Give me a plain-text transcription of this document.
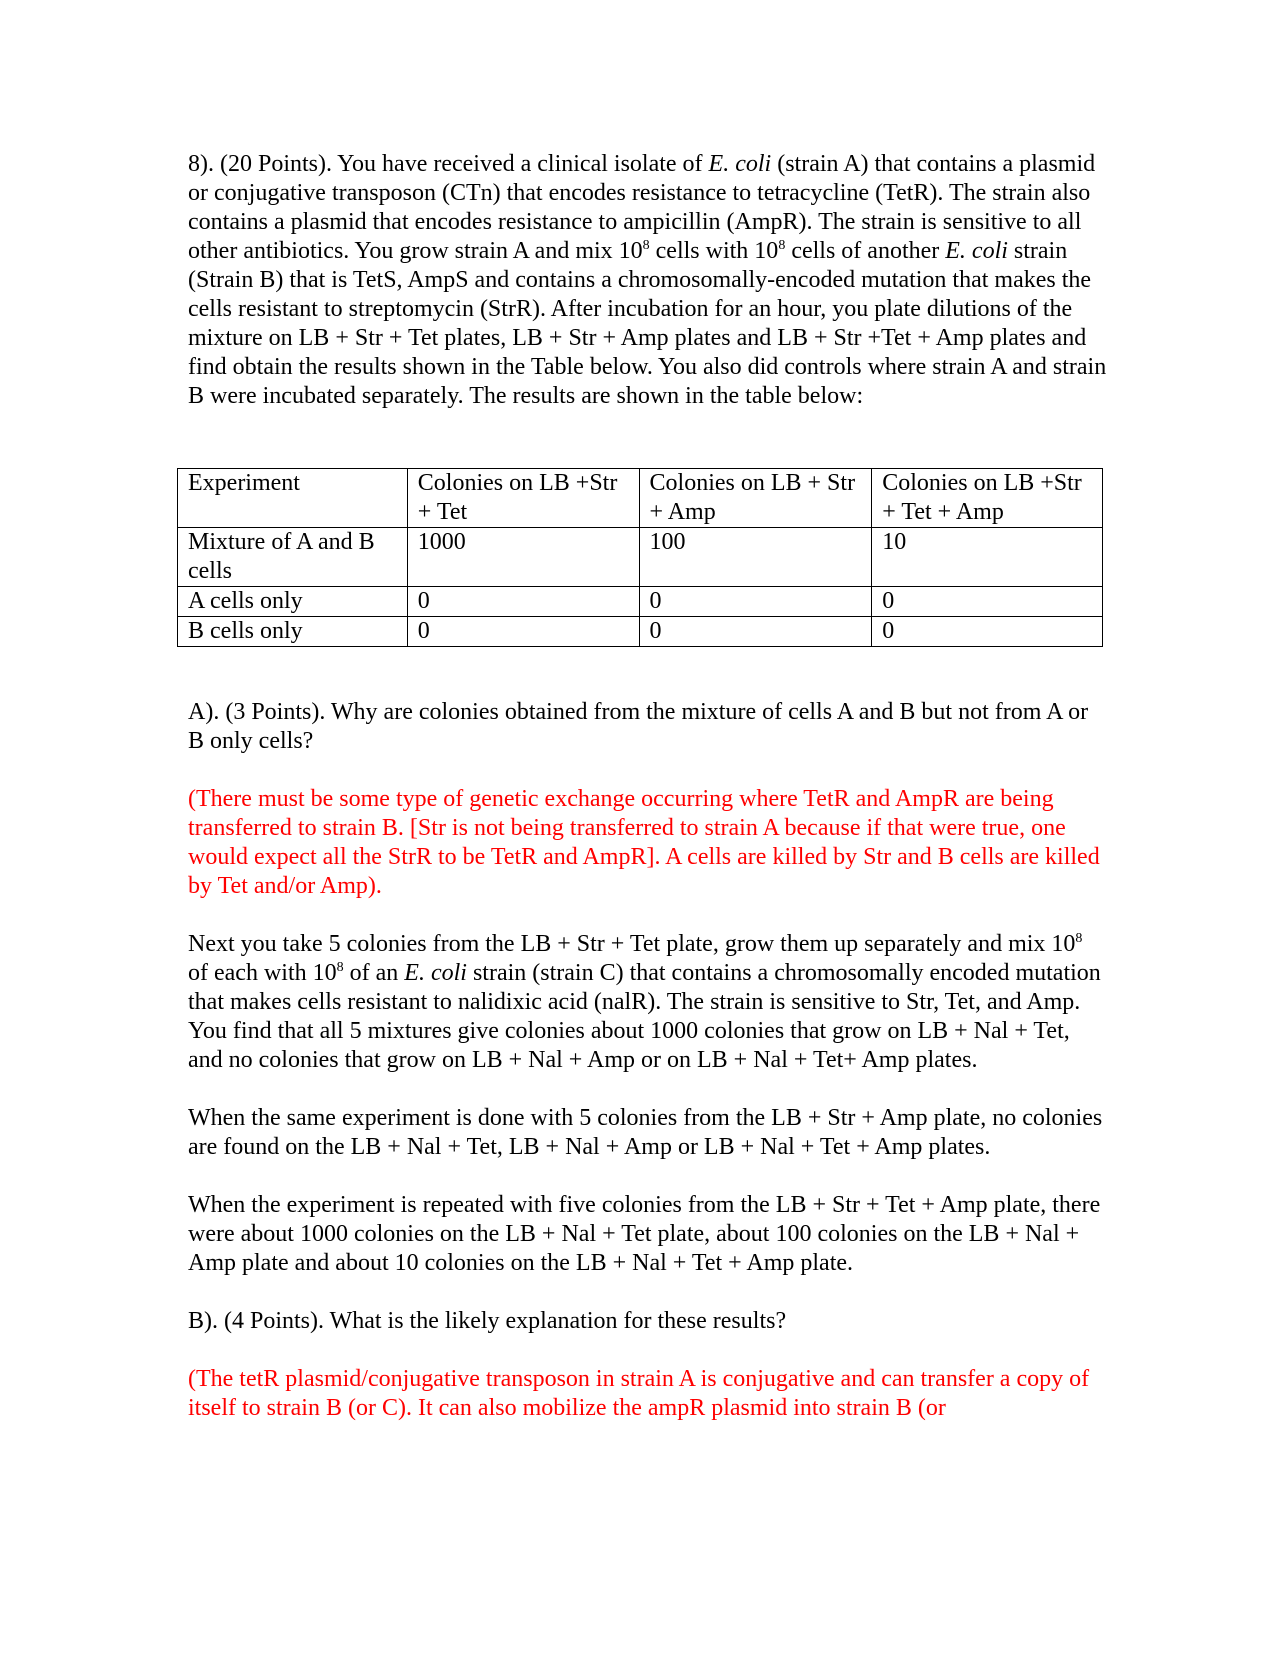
8). (20 Points). You have received a clinical isolate of E. coli (strain A) that contains a plasmid or conjugative transposon (CTn) that encodes resistance to tetracycline (TetR). The strain also contains a plasmid that encodes resistance to ampicillin (AmpR). The strain is sensitive to all other antibiotics. You grow strain A and mix $10^8$ cells with $10^8$ cells of another E. coli strain (Strain B) that is TetS, AmpS and contains a chromosomally-encoded mutation that makes the cells resistant to streptomycin (StrR). After incubation for an hour, you plate dilutions of the mixture on LB + Str + Tet plates, LB + Str + Amp plates and LB + Str +Tet + Amp plates and find obtain the results shown in the Table below. You also did controls where strain A and strain B were incubated separately. The results are shown in the table below:

Experiment	Colonies on LB +Str + Tet	Colonies on LB + Str + Amp	Colonies on LB +Str + Tet + Amp
Mixture of A and B cells	1000	100	10
A cells only	0	0	0
B cells only	0	0	0

A). (3 Points). Why are colonies obtained from the mixture of cells A and B but not from A or B only cells?

(There must be some type of genetic exchange occurring where TetR and AmpR are being transferred to strain B. [Str is not being transferred to strain A because if that were true, one would expect all the StrR to be TetR and AmpR]. A cells are killed by Str and B cells are killed by Tet and/or Amp).

Next you take 5 colonies from the LB + Str + Tet plate, grow them up separately and mix $10^8$ of each with $10^8$ of an E. coli strain (strain C) that contains a chromosomally encoded mutation that makes cells resistant to nalidixic acid (nalR). The strain is sensitive to Str, Tet, and Amp. You find that all 5 mixtures give colonies about 1000 colonies that grow on LB + Nal + Tet, and no colonies that grow on LB + Nal + Amp or on LB + Nal + Tet+ Amp plates.

When the same experiment is done with 5 colonies from the LB + Str + Amp plate, no colonies are found on the LB + Nal + Tet, LB + Nal + Amp or LB + Nal + Tet + Amp plates.

When the experiment is repeated with five colonies from the LB + Str + Tet + Amp plate, there were about 1000 colonies on the LB + Nal + Tet plate, about 100 colonies on the LB + Nal + Amp plate and about 10 colonies on the LB + Nal + Tet + Amp plate.

B). (4 Points). What is the likely explanation for these results?

(The tetR plasmid/conjugative transposon in strain A is conjugative and can transfer a copy of itself to strain B (or C). It can also mobilize the ampR plasmid into strain B (or
